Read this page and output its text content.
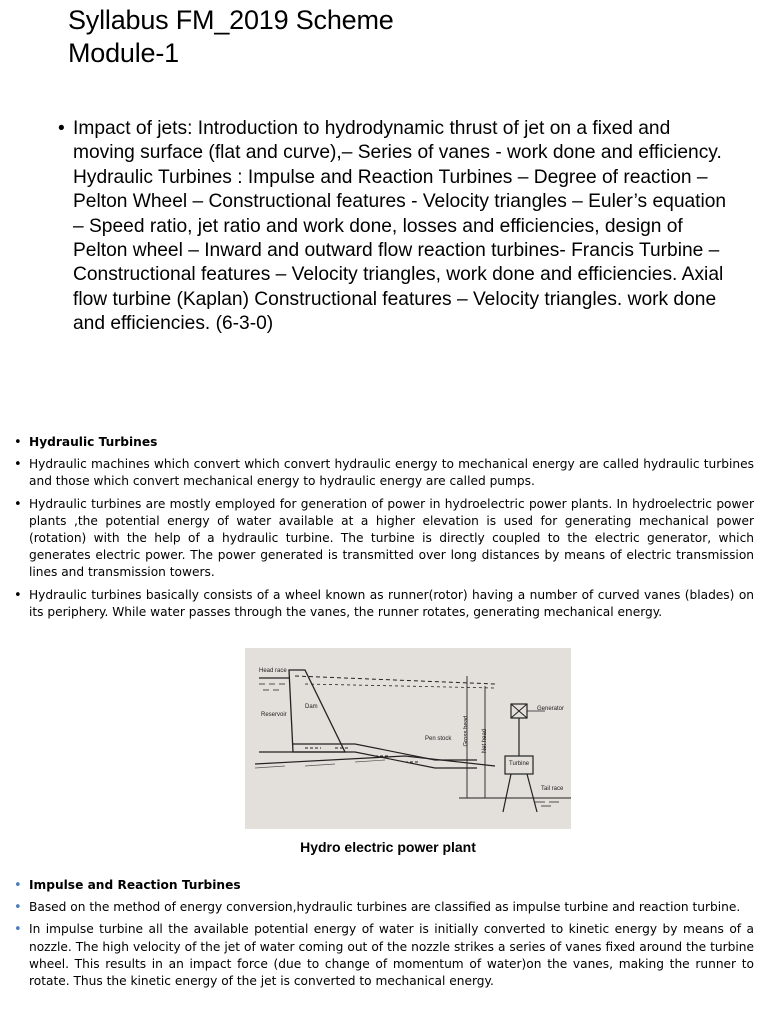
Syllabus FM_2019 Scheme
Module-1
• Impact of jets: Introduction to hydrodynamic thrust of jet on a fixed and moving surface (flat and curve),– Series of vanes - work done and efficiency. Hydraulic Turbines : Impulse and Reaction Turbines – Degree of reaction – Pelton Wheel – Constructional features - Velocity triangles – Euler’s equation – Speed ratio, jet ratio and work done, losses and efficiencies, design of Pelton wheel – Inward and outward flow reaction turbines- Francis Turbine – Constructional features – Velocity triangles, work done and efficiencies. Axial flow turbine (Kaplan) Constructional features – Velocity triangles. work done and efficiencies. (6-3-0)
• Hydraulic Turbines
• Hydraulic machines which convert which convert hydraulic energy to mechanical energy are called hydraulic turbines and those which convert mechanical energy to hydraulic energy are called pumps.
• Hydraulic turbines are mostly employed for generation of power in hydroelectric power plants. In hydroelectric power plants ,the potential energy of water available at a higher elevation is used for generating mechanical power (rotation) with the help of a hydraulic turbine. The turbine is directly coupled to the electric generator, which generates electric power. The power generated is transmitted over long distances by means of electric transmission lines and transmission towers.
• Hydraulic turbines basically consists of a wheel known as runner(rotor) having a number of curved vanes (blades) on its periphery. While water passes through the vanes, the runner rotates, generating mechanical energy.
Head race
Dam
Reservoir
Pen stock Gross head Net head
Generator
Turbine
Tail race
Hydro electric power plant
• Impulse and Reaction Turbines
• Based on the method of energy conversion,hydraulic turbines are classified as impulse turbine and reaction turbine.
• In impulse turbine all the available potential energy of water is initially converted to kinetic energy by means of a nozzle. The high velocity of the jet of water coming out of the nozzle strikes a series of vanes fixed around the turbine wheel. This results in an impact force (due to change of momentum of water)on the vanes, making the runner to rotate. Thus the kinetic energy of the jet is converted to mechanical energy.
